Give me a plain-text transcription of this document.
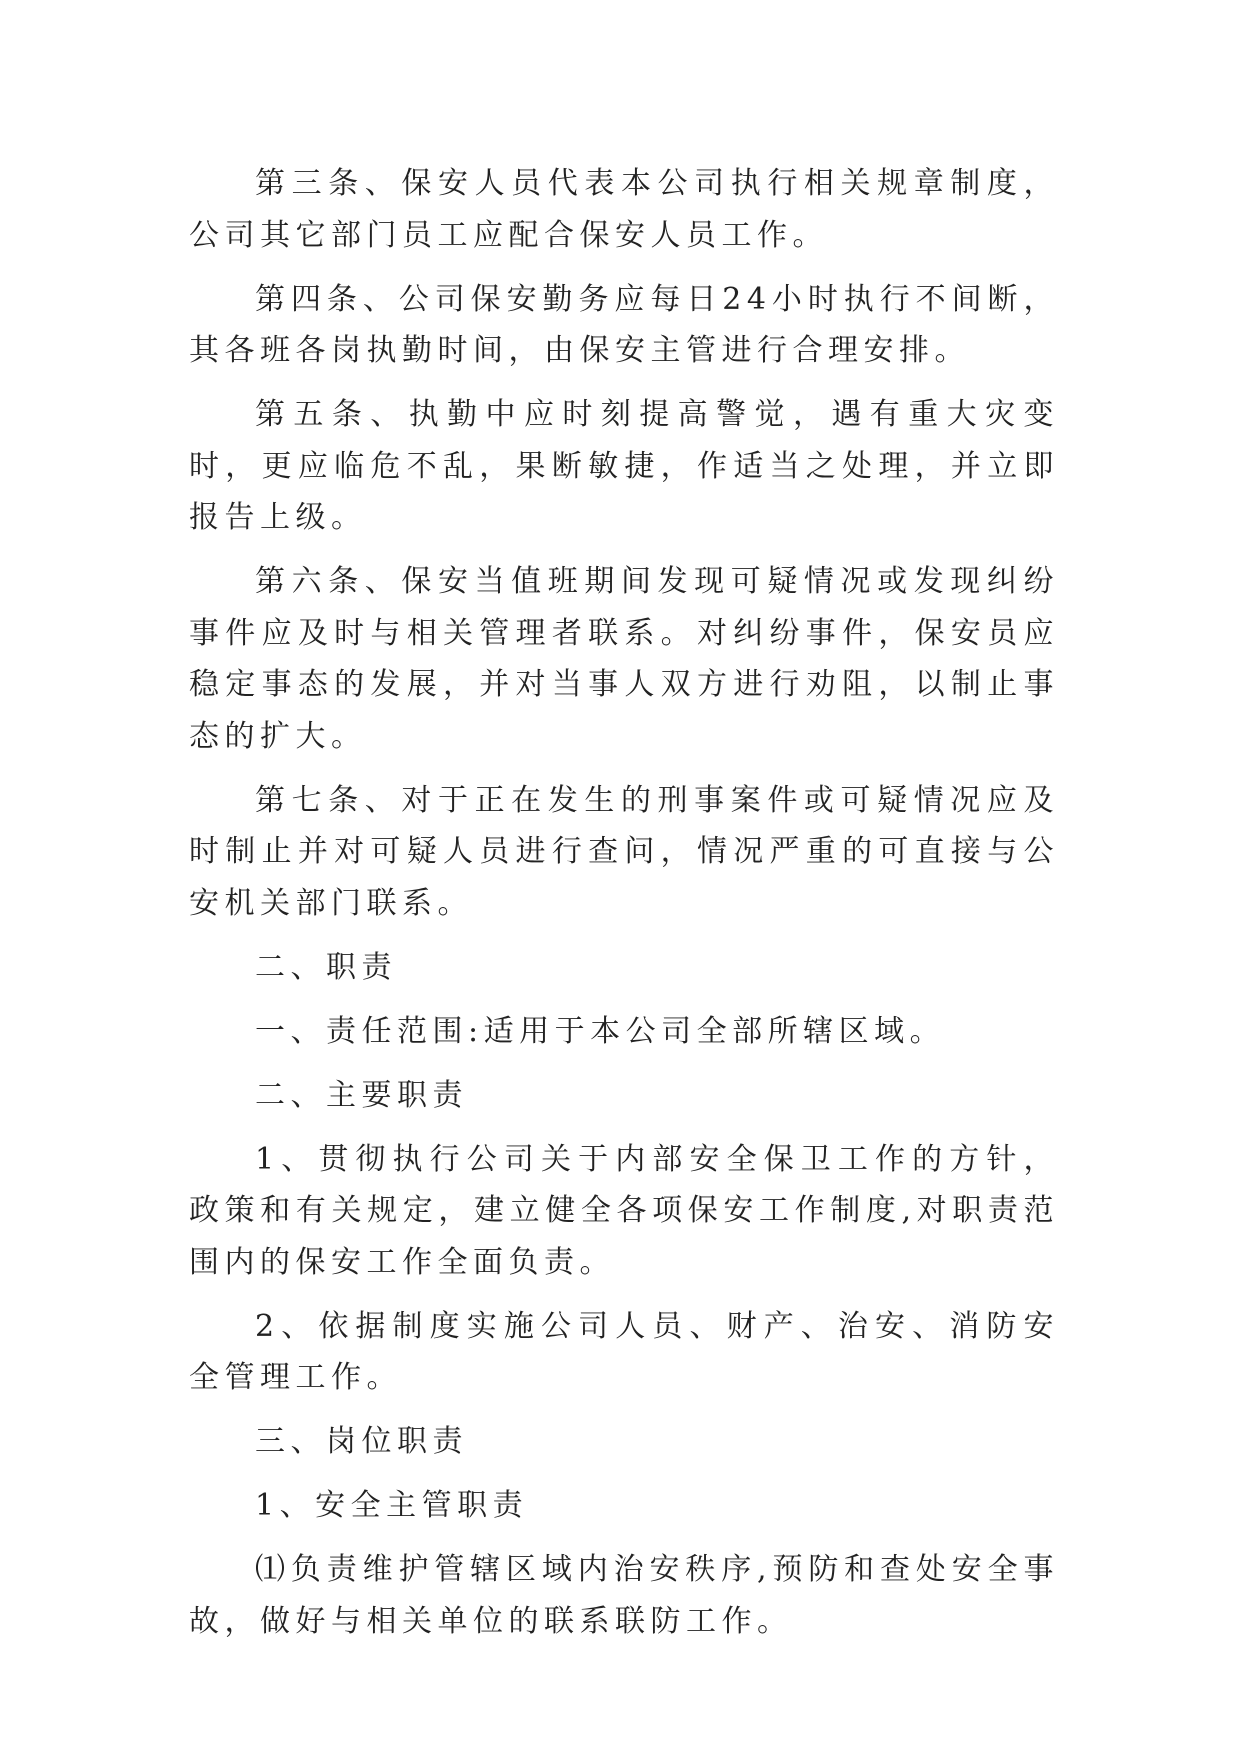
第三条、保安人员代表本公司执行相关规章制度，公司其它部门员工应配合保安人员工作。

第四条、公司保安勤务应每日24小时执行不间断，其各班各岗执勤时间，由保安主管进行合理安排。

第五条、执勤中应时刻提高警觉，遇有重大灾变时，更应临危不乱，果断敏捷，作适当之处理，并立即报告上级。

第六条、保安当值班期间发现可疑情况或发现纠纷事件应及时与相关管理者联系。对纠纷事件，保安员应稳定事态的发展，并对当事人双方进行劝阻，以制止事态的扩大。

第七条、对于正在发生的刑事案件或可疑情况应及时制止并对可疑人员进行查问，情况严重的可直接与公安机关部门联系。

二、职责

一、责任范围:适用于本公司全部所辖区域。

二、主要职责

1、贯彻执行公司关于内部安全保卫工作的方针，政策和有关规定，建立健全各项保安工作制度,对职责范围内的保安工作全面负责。

2、依据制度实施公司人员、财产、治安、消防安全管理工作。

三、岗位职责

1、安全主管职责

⑴负责维护管辖区域内治安秩序,预防和查处安全事故，做好与相关单位的联系联防工作。
